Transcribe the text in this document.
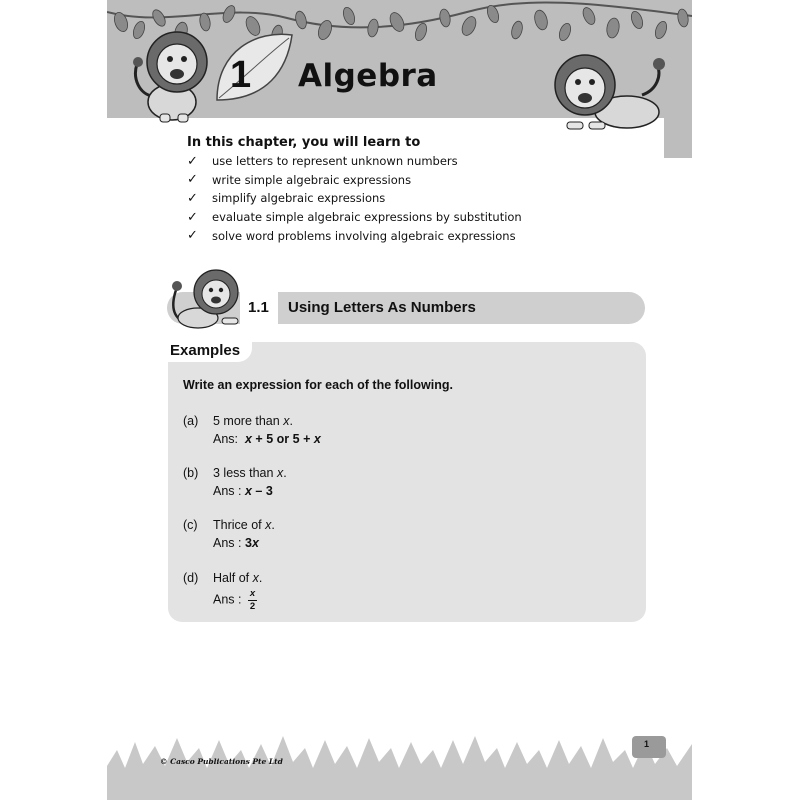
1 Algebra
In this chapter, you will learn to
✓	use letters to represent unknown numbers
✓	write simple algebraic expressions
✓	simplify algebraic expressions
✓	evaluate simple algebraic expressions by substitution
✓	solve word problems involving algebraic expressions
1.1 Using Letters As Numbers
Examples
Write an expression for each of the following.
(a) 5 more than x.
Ans: x + 5 or 5 + x
(b) 3 less than x.
Ans : x – 3
(c) Thrice of x.
Ans : 3x
(d) Half of x.
Ans : $\frac{x}{2}$
© Casco Publications Pte Ltd
1
